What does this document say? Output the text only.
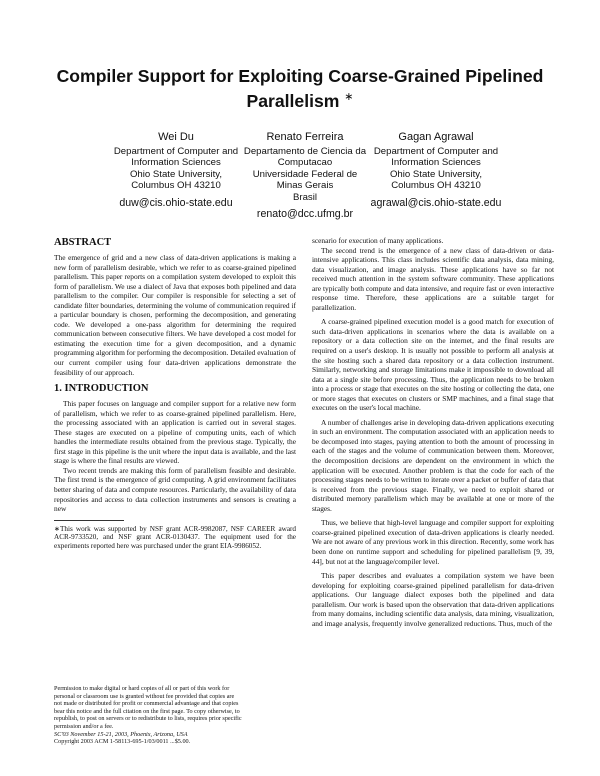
Compiler Support for Exploiting Coarse-Grained Pipelined
Parallelism ∗
Wei Du
Department of Computer and
Information Sciences
Ohio State University,
Columbus OH 43210
duw@cis.ohio-state.edu
Renato Ferreira
Departamento de Ciencia da
Computacao
Universidade Federal de
Minas Gerais
Brasil
renato@dcc.ufmg.br
Gagan Agrawal
Department of Computer and
Information Sciences
Ohio State University,
Columbus OH 43210
agrawal@cis.ohio-state.edu
ABSTRACT

The emergence of grid and a new class of data-driven applications is making a new form of parallelism desirable, which we refer to as coarse-grained pipelined parallelism. This paper reports on a compilation system developed to exploit this form of parallelism. We use a dialect of Java that exposes both pipelined and data parallelism to the compiler. Our compiler is responsible for selecting a set of candidate filter boundaries, determining the volume of communication required if a particular boundary is chosen, performing the decomposition, and generating code. We developed a one-pass algorithm for determining the required communication between consecutive filters. We have developed a cost model for estimating the execution time for a given decomposition, and a dynamic programming algorithm for performing the decomposition. Detailed evaluation of our current compiler using four data-driven applications demonstrate the feasibility of our approach.

1. INTRODUCTION

This paper focuses on language and compiler support for a relative new form of parallelism, which we refer to as coarse-grained pipelined parallelism. Here, the processing associated with an application is carried out in several stages. These stages are executed on a pipeline of computing units, each of which handles the intermediate results obtained from the previous stage. Typically, the first stage in this pipeline is the unit where the input data is available, and the last stage is where the final results are viewed.

Two recent trends are making this form of parallelism feasible and desirable. The first trend is the emergence of grid computing. A grid environment facilitates better sharing of data and compute resources. Particularly, the availability of data repositories and access to data collection instruments and sensors is creating a new

∗This work was supported by NSF grant ACR-9982087, NSF CAREER award ACR-9733520, and NSF grant ACR-0130437. The equipment used for the experiments reported here was purchased under the grant EIA-9986052.
Permission to make digital or hard copies of all or part of this work for
personal or classroom use is granted without fee provided that copies are
not made or distributed for profit or commercial advantage and that copies
bear this notice and the full citation on the first page. To copy otherwise, to
republish, to post on servers or to redistribute to lists, requires prior specific
permission and/or a fee.
SC'03 November 15-21, 2003, Phoenix, Arizona, USA
Copyright 2003 ACM 1-58113-695-1/03/0011 ...$5.00.

scenario for execution of many applications.

The second trend is the emergence of a new class of data-driven or data-intensive applications. This class includes scientific data analysis, data mining, data visualization, and image analysis. These applications have so far not received much attention in the system software community. These applications are typically both compute and data intensive, and require fast or even interactive response time. Therefore, these applications are a suitable target for parallelization.

A coarse-grained pipelined execution model is a good match for execution of such data-driven applications in scenarios where the data is available on a repository or a data collection site on the internet, and the final results are required on a user's desktop. It is usually not possible to perform all analysis at the site hosting such a shared data repository or a data collection instrument. Similarly, networking and storage limitations make it impossible to download all data at a single site before processing. Thus, the application needs to be broken into a process or stage that executes on the site hosting or collecting the data, one or more stages that executes on clusters or SMP machines, and a final stage that executes on the user's local machine.

A number of challenges arise in developing data-driven applications executing in such an environment. The computation associated with an application needs to be decomposed into stages, paying attention to both the amount of processing in each of the stages and the volume of communication between them. Moreover, the decomposition decisions are dependent on the environment in which the application will be executed. Another problem is that the code for each of the processing stages needs to be written to iterate over a packet or buffer of data that is received from the previous stage. Finally, we need to exploit shared or distributed memory parallelism which may be available at one or more of the stages.

Thus, we believe that high-level language and compiler support for exploiting coarse-grained pipelined execution of data-driven applications is clearly needed. We are not aware of any previous work in this direction. Recently, some work has been done on runtime support and scheduling for pipelined parallelism [9, 39, 44], but not at the language/compiler level.

This paper describes and evaluates a compilation system we have been developing for exploiting coarse-grained pipelined parallelism for data-driven applications. Our language dialect exposes both the pipelined and data parallelism. Our work is based upon the observation that data-driven applications from many domains, including scientific data analysis, data mining, visualization, and image analysis, frequently involve generalized reductions. Thus, much of the
